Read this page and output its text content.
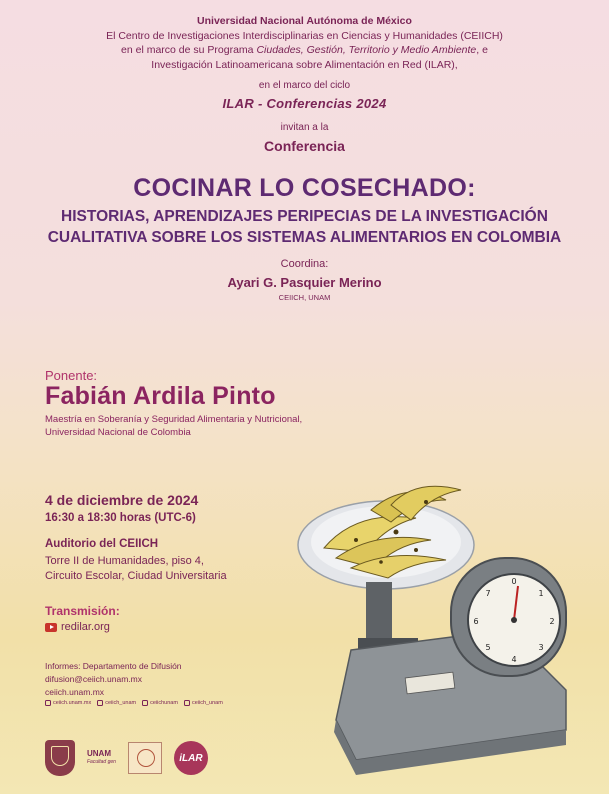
Universidad Nacional Autónoma de México
El Centro de Investigaciones Interdisciplinarias en Ciencias y Humanidades (CEIICH)
en el marco de su Programa Ciudades, Gestión, Territorio y Medio Ambiente, e
Investigación Latinoamericana sobre Alimentación en Red (ILAR),
en el marco del ciclo
ILAR - Conferencias 2024
invitan a la
Conferencia
COCINAR LO COSECHADO:
HISTORIAS, APRENDIZAJES PERIPECIAS DE LA INVESTIGACIÓN
CUALITATIVA SOBRE LOS SISTEMAS ALIMENTARIOS EN COLOMBIA
Coordina:
Ayari G. Pasquier Merino
CEIICH, UNAM
Ponente:
Fabián Ardila Pinto
Maestría en Soberanía y Seguridad Alimentaria y Nutricional,
Universidad Nacional de Colombia
4 de diciembre de 2024
16:30 a 18:30 horas (UTC-6)
Auditorio del CEIICH
Torre II de Humanidades, piso 4,
Circuito Escolar, Ciudad Universitaria
Transmisión:
redilar.org
Informes: Departamento de Difusión
difusion@ceiich.unam.mx
ceiich.unam.mx
ceiich.unam.mx	ceiich_unam	ceiichunam	ceiich_unam
UNAM
Facultad gen	iLAR
0
1
2
3
4
5
6
7
